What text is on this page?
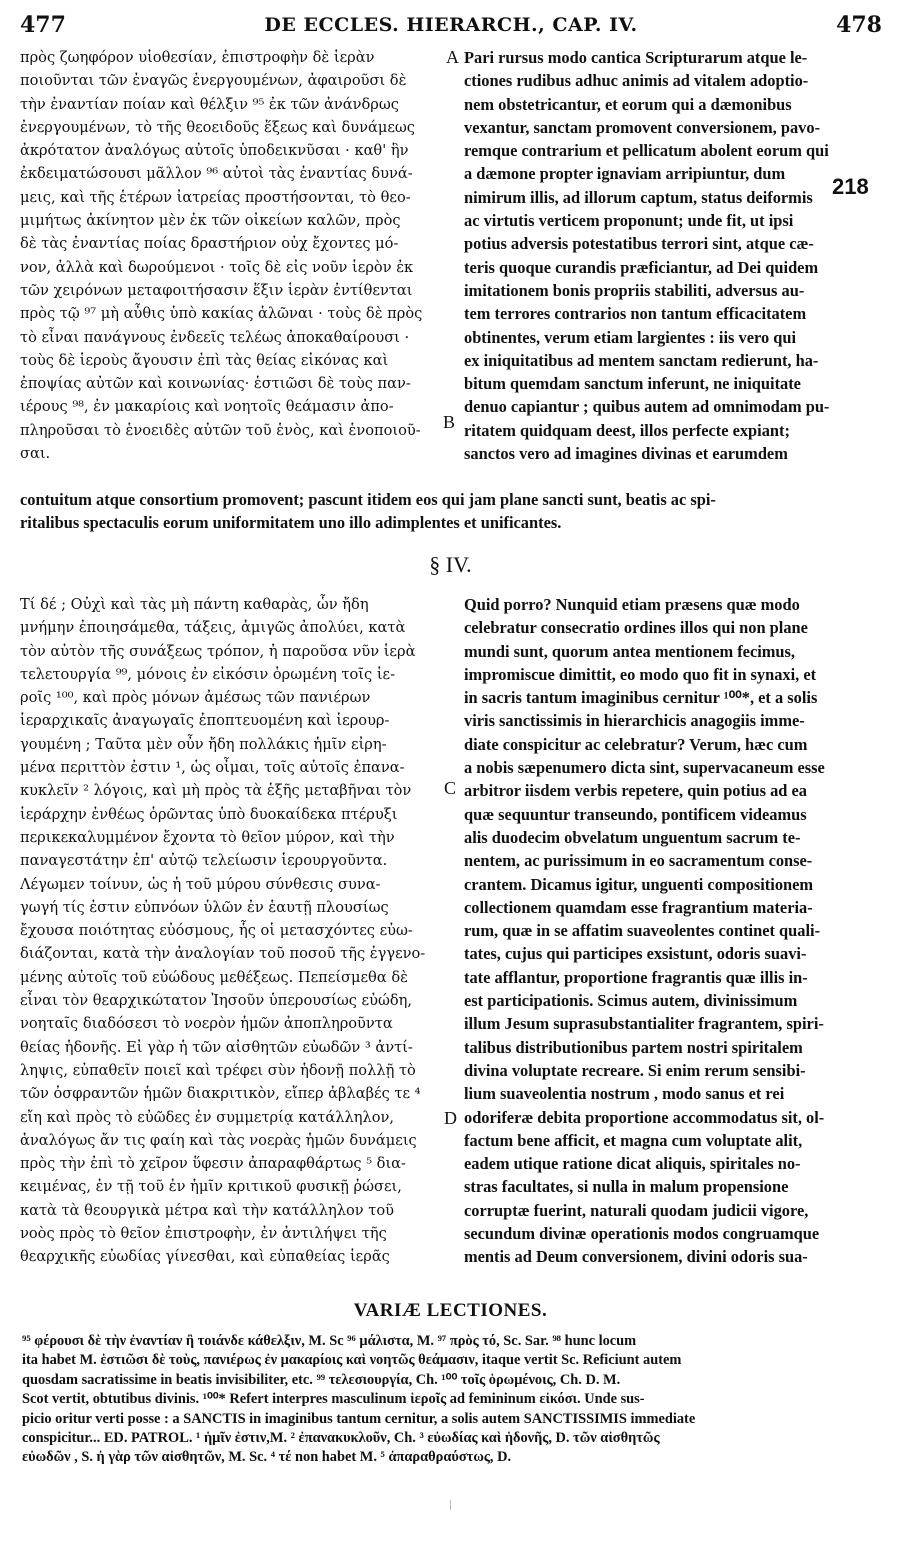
477	DE ECCLES. HIERARCH., CAP. IV.	478
πρὸς ζωηφόρον υἱοθεσίαν, ἐπιστροφὴν δὲ ἱερὰν
ποιοῦνται τῶν ἐναγῶς ἐνεργουμένων, ἀφαιροῦσι δὲ
τὴν ἐναντίαν ποίαν καὶ θέλξιν ⁹⁵ ἐκ τῶν ἀνάνδρως
ἐνεργουμένων, τὸ τῆς θεοειδοῦς ἕξεως καὶ δυνάμεως
ἀκρότατον ἀναλόγως αὐτοῖς ὑποδεικνῦσαι · καθ' ἣν
ἐκδειματώσουσι μᾶλλον ⁹⁶ αὐτοὶ τὰς ἐναντίας δυνά-
μεις, καὶ τῆς ἑτέρων ἰατρείας προστήσονται, τὸ θεο-
μιμήτως ἀκίνητον μὲν ἐκ τῶν οἰκείων καλῶν, πρὸς
δὲ τὰς ἐναντίας ποίας δραστήριον οὐχ ἔχοντες μό-
νον, ἀλλὰ καὶ δωρούμενοι · τοῖς δὲ εἰς νοῦν ἱερὸν ἐκ
τῶν χειρόνων μεταφοιτήσασιν ἕξιν ἱερὰν ἐντίθενται
πρὸς τῷ ⁹⁷ μὴ αὖθις ὑπὸ κακίας ἁλῶναι · τοὺς δὲ πρὸς
τὸ εἶναι πανάγνους ἐνδεεῖς τελέως ἀποκαθαίρουσι ·
τοὺς δὲ ἱεροὺς ἄγουσιν ἐπὶ τὰς θείας εἰκόνας καὶ
ἐποψίας αὐτῶν καὶ κοινωνίας· ἑστιῶσι δὲ τοὺς παν-
ιέρους ⁹⁸, ἐν μακαρίοις καὶ νοητοῖς θεάμασιν ἀπο-
πληροῦσαι τὸ ἑνοειδὲς αὐτῶν τοῦ ἑνὸς, καὶ ἑνοποιοῦ-
σαι.
A
B
C
D
218
Pari rursus modo cantica Scripturarum atque le-
ctiones rudibus adhuc animis ad vitalem adoptio-
nem obstetricantur, et eorum qui a dæmonibus
vexantur, sanctam promovent conversionem, pavo-
remque contrarium et pellicatum abolent eorum qui
a dæmone propter ignaviam arripiuntur, dum
nimirum illis, ad illorum captum, status deiformis
ac virtutis verticem proponunt; unde fit, ut ipsi
potius adversis potestatibus terrori sint, atque cæ-
teris quoque curandis præficiantur, ad Dei quidem
imitationem bonis propriis stabiliti, adversus au-
tem terrores contrarios non tantum efficacitatem
obtinentes, verum etiam largientes : iis vero qui
ex iniquitatibus ad mentem sanctam redierunt, ha-
bitum quemdam sanctum inferunt, ne iniquitate
denuo capiantur ; quibus autem ad omnimodam pu-
ritatem quidquam deest, illos perfecte expiant;
sanctos vero ad imagines divinas et earumdem
contuitum atque consortium promovent; pascunt itidem eos qui jam plane sancti sunt, beatis ac spi-
ritalibus spectaculis eorum uniformitatem uno illo adimplentes et unificantes.
§ IV.
Τί δέ ; Οὐχὶ καὶ τὰς μὴ πάντη καθαρὰς, ὧν ἤδη
μνήμην ἐποιησάμεθα, τάξεις, ἀμιγῶς ἀπολύει, κατὰ
τὸν αὐτὸν τῆς συνάξεως τρόπον, ἡ παροῦσα νῦν ἱερὰ
τελετουργία ⁹⁹, μόνοις ἐν εἰκόσιν ὁρωμένη τοῖς ἱε-
ροῖς ¹⁰⁰, καὶ πρὸς μόνων ἀμέσως τῶν πανιέρων
ἱεραρχικαῖς ἀναγωγαῖς ἐποπτευομένη καὶ ἱερουρ-
γουμένη ; Ταῦτα μὲν οὖν ἤδη πολλάκις ἡμῖν εἰρη-
μένα περιττὸν ἐστιν ¹, ὡς οἶμαι, τοῖς αὐτοῖς ἐπανα-
κυκλεῖν ² λόγοις, καὶ μὴ πρὸς τὰ ἑξῆς μεταβῆναι τὸν
ἱεράρχην ἐνθέως ὁρῶντας ὑπὸ δυοκαίδεκα πτέρυξι
περικεκαλυμμένον ἔχοντα τὸ θεῖον μύρον, καὶ τὴν
παναγεστάτην ἐπ' αὐτῷ τελείωσιν ἱερουργοῦντα.
Λέγωμεν τοίνυν, ὡς ἡ τοῦ μύρου σύνθεσις συνα-
γωγή τίς ἐστιν εὐπνόων ὑλῶν ἐν ἑαυτῇ πλουσίως
ἔχουσα ποιότητας εὐόσμους, ἧς οἱ μετασχόντες εὐω-
διάζονται, κατὰ τὴν ἀναλογίαν τοῦ ποσοῦ τῆς ἐγγενο-
μένης αὐτοῖς τοῦ εὐώδους μεθέξεως. Πεπείσμεθα δὲ
εἶναι τὸν θεαρχικώτατον Ἰησοῦν ὑπερουσίως εὐώδη,
νοηταῖς διαδόσεσι τὸ νοερὸν ἡμῶν ἀποπληροῦντα
θείας ἡδονῆς. Εἰ γὰρ ἡ τῶν αἰσθητῶν εὐωδῶν ³ ἀντί-
ληψις, εὐπαθεῖν ποιεῖ καὶ τρέφει σὺν ἡδονῇ πολλῇ τὸ
τῶν ὀσφραντῶν ἡμῶν διακριτικὸν, εἴπερ ἀβλαβές τε ⁴
εἴη καὶ πρὸς τὸ εὐῶδες ἐν συμμετρίᾳ κατάλληλον,
ἀναλόγως ἄν τις φαίη καὶ τὰς νοερὰς ἡμῶν δυνάμεις
πρὸς τὴν ἐπὶ τὸ χεῖρον ὕφεσιν ἀπαραφθάρτως ⁵ δια-
κειμένας, ἐν τῇ τοῦ ἐν ἡμῖν κριτικοῦ φυσικῇ ῥώσει,
κατὰ τὰ θεουργικὰ μέτρα καὶ τὴν κατάλληλον τοῦ
νοὸς πρὸς τὸ θεῖον ἐπιστροφὴν, ἐν ἀντιλήψει τῆς
θεαρχικῆς εὐωδίας γίνεσθαι, καὶ εὐπαθείας ἱερᾶς
Quid porro? Nunquid etiam præsens quæ modo
celebratur consecratio ordines illos qui non plane
mundi sunt, quorum antea mentionem fecimus,
impromiscue dimittit, eo modo quo fit in synaxi, et
in sacris tantum imaginibus cernitur ¹⁰⁰*, et a solis
viris sanctissimis in hierarchicis anagogiis imme-
diate conspicitur ac celebratur? Verum, hæc cum
a nobis sæpenumero dicta sint, supervacaneum esse
arbitror iisdem verbis repetere, quin potius ad ea
quæ sequuntur transeundo, pontificem videamus
alis duodecim obvelatum unguentum sacrum te-
nentem, ac purissimum in eo sacramentum conse-
crantem. Dicamus igitur, unguenti compositionem
collectionem quamdam esse fragrantium materia-
rum, quæ in se affatim suaveolentes continet quali-
tates, cujus qui participes exsistunt, odoris suavi-
tate afflantur, proportione fragrantis quæ illis in-
est participationis. Scimus autem, divinissimum
illum Jesum suprasubstantialiter fragrantem, spiri-
talibus distributionibus partem nostri spiritalem
divina voluptate recreare. Si enim rerum sensibi-
lium suaveolentia nostrum , modo sanus et rei
odoriferæ debita proportione accommodatus sit, ol-
factum bene afficit, et magna cum voluptate alit,
eadem utique ratione dicat aliquis, spiritales no-
stras facultates, si nulla in malum propensione
corruptæ fuerint, naturali quodam judicii vigore,
secundum divinæ operationis modos congruamque
mentis ad Deum conversionem, divini odoris sua-
VARIÆ LECTIONES.
⁹⁵ φέρουσι δὲ τὴν ἐναντίαν ἢ τοιάνδε κάθελξιν, M. Sc ⁹⁶ μάλιστα, M. ⁹⁷ πρὸς τό, Sc. Sar. ⁹⁸ hunc locum
ita habet M. ἑστιῶσι δὲ τοὺς, πανιέρως ἐν μακαρίοις καὶ νοητῶς θεάμασιν, itaque vertit Sc. Reficiunt autem
quosdam sacratissime in beatis invisibiliter, etc. ⁹⁹ τελεσιουργία, Ch. ¹⁰⁰ τοῖς ὁρωμένοις, Ch. D. M.
Scot vertit, obtutibus divinis. ¹⁰⁰* Refert interpres masculinum ἱεροῖς ad femininum εἰκόσι. Unde sus-
picio oritur verti posse : a SANCTIS in imaginibus tantum cernitur, a solis autem SANCTISSIMIS immediate
conspicitur... ED. PATROL. ¹ ἡμῖν ἐστιν,M. ² ἐπανακυκλοῦν, Ch. ³ εὐωδίας καὶ ἡδονῆς, D. τῶν αἰσθητῶς
εὐωδῶν , S. ἡ γὰρ τῶν αἰσθητῶν, M. Sc. ⁴ τέ non habet M. ⁵ ἀπαραθραύστως, D.
